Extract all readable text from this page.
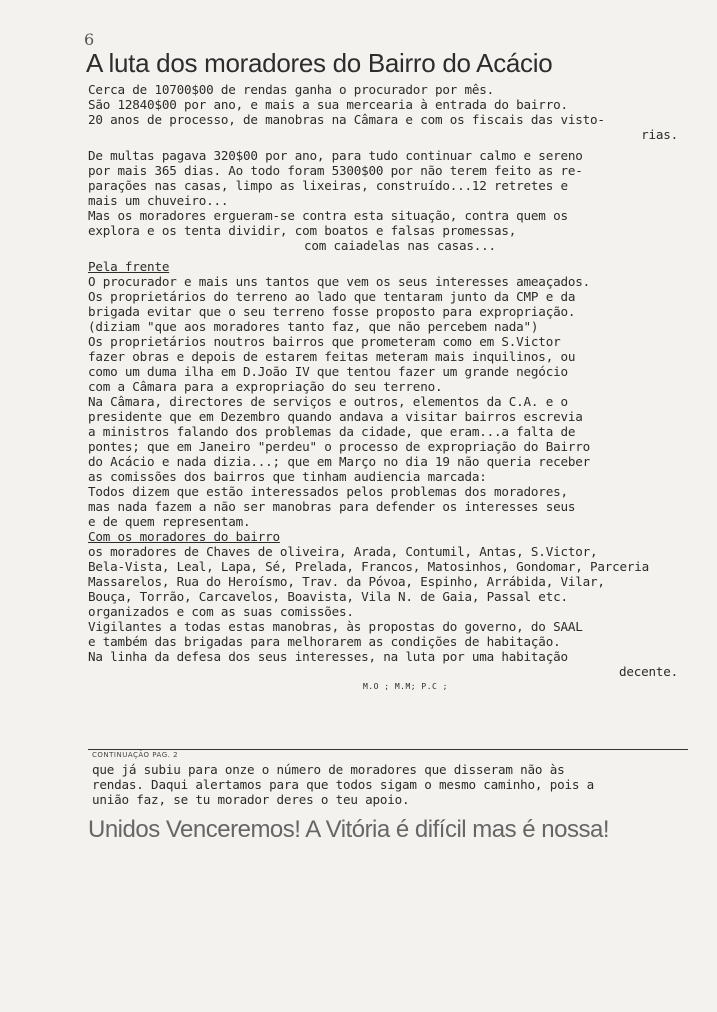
6
A luta dos moradores do Bairro do Acácio
Cerca de 10700$00 de rendas ganha o procurador por mês.
São 12840$00 por ano, e mais a sua mercearia à entrada do bairro.
20 anos de processo, de manobras na Câmara e com os fiscais das visto-
rias.
De multas pagava 320$00 por ano, para tudo continuar calmo e sereno
por mais 365 dias. Ao todo foram 5300$00 por não terem feito as re-
parações nas casas, limpo as lixeiras, construído...12 retretes e
mais um chuveiro...
Mas os moradores ergueram-se contra esta situação, contra quem os
explora e os tenta dividir, com boatos e falsas promessas,
com caiadelas nas casas...
Pela frente
O procurador e mais uns tantos que vem os seus interesses ameaçados.
Os proprietários do terreno ao lado que tentaram junto da CMP e da
brigada evitar que o seu terreno fosse proposto para expropriação.
(diziam "que aos moradores tanto faz, que não percebem nada")
Os proprietários noutros bairros que prometeram como em S.Victor
fazer obras e depois de estarem feitas meteram mais inquilinos, ou
como um duma ilha em D.João IV que tentou fazer um grande negócio
com a Câmara para a expropriação do seu terreno.
Na Câmara, directores de serviços e outros, elementos da C.A. e o
presidente que em Dezembro quando andava a visitar bairros escrevia
a ministros falando dos problemas da cidade, que eram...a falta de
pontes; que em Janeiro "perdeu" o processo de expropriação do Bairro
do Acácio e nada dizia...; que em Março no dia 19 não queria receber
as comissões dos bairros que tinham audiencia marcada:
Todos dizem que estão interessados pelos problemas dos moradores,
mas nada fazem a não ser manobras para defender os interesses seus
e de quem representam.
Com os moradores do bairro
os moradores de Chaves de oliveira, Arada, Contumil, Antas, S.Victor,
Bela-Vista, Leal, Lapa, Sé, Prelada, Francos, Matosinhos, Gondomar, Parceria
Massarelos, Rua do Heroísmo, Trav. da Póvoa, Espinho, Arrábida, Vilar,
Bouça, Torrão, Carcavelos, Boavista, Vila N. de Gaia, Passal etc.
organizados e com as suas comissões.
Vigilantes a todas estas manobras, às propostas do governo, do SAAL
e também das brigadas para melhorarem as condições de habitação.
Na linha da defesa dos seus interesses, na luta por uma habitação
decente.
M.O ; M.M; P.C ;
CONTINUAÇÃO PAG. 2
que já subiu para onze o número de moradores que disseram não às
rendas. Daqui alertamos para que todos sigam o mesmo caminho, pois a
união faz, se tu morador deres o teu apoio.
Unidos Venceremos! A Vitória é difícil mas é nossa!
